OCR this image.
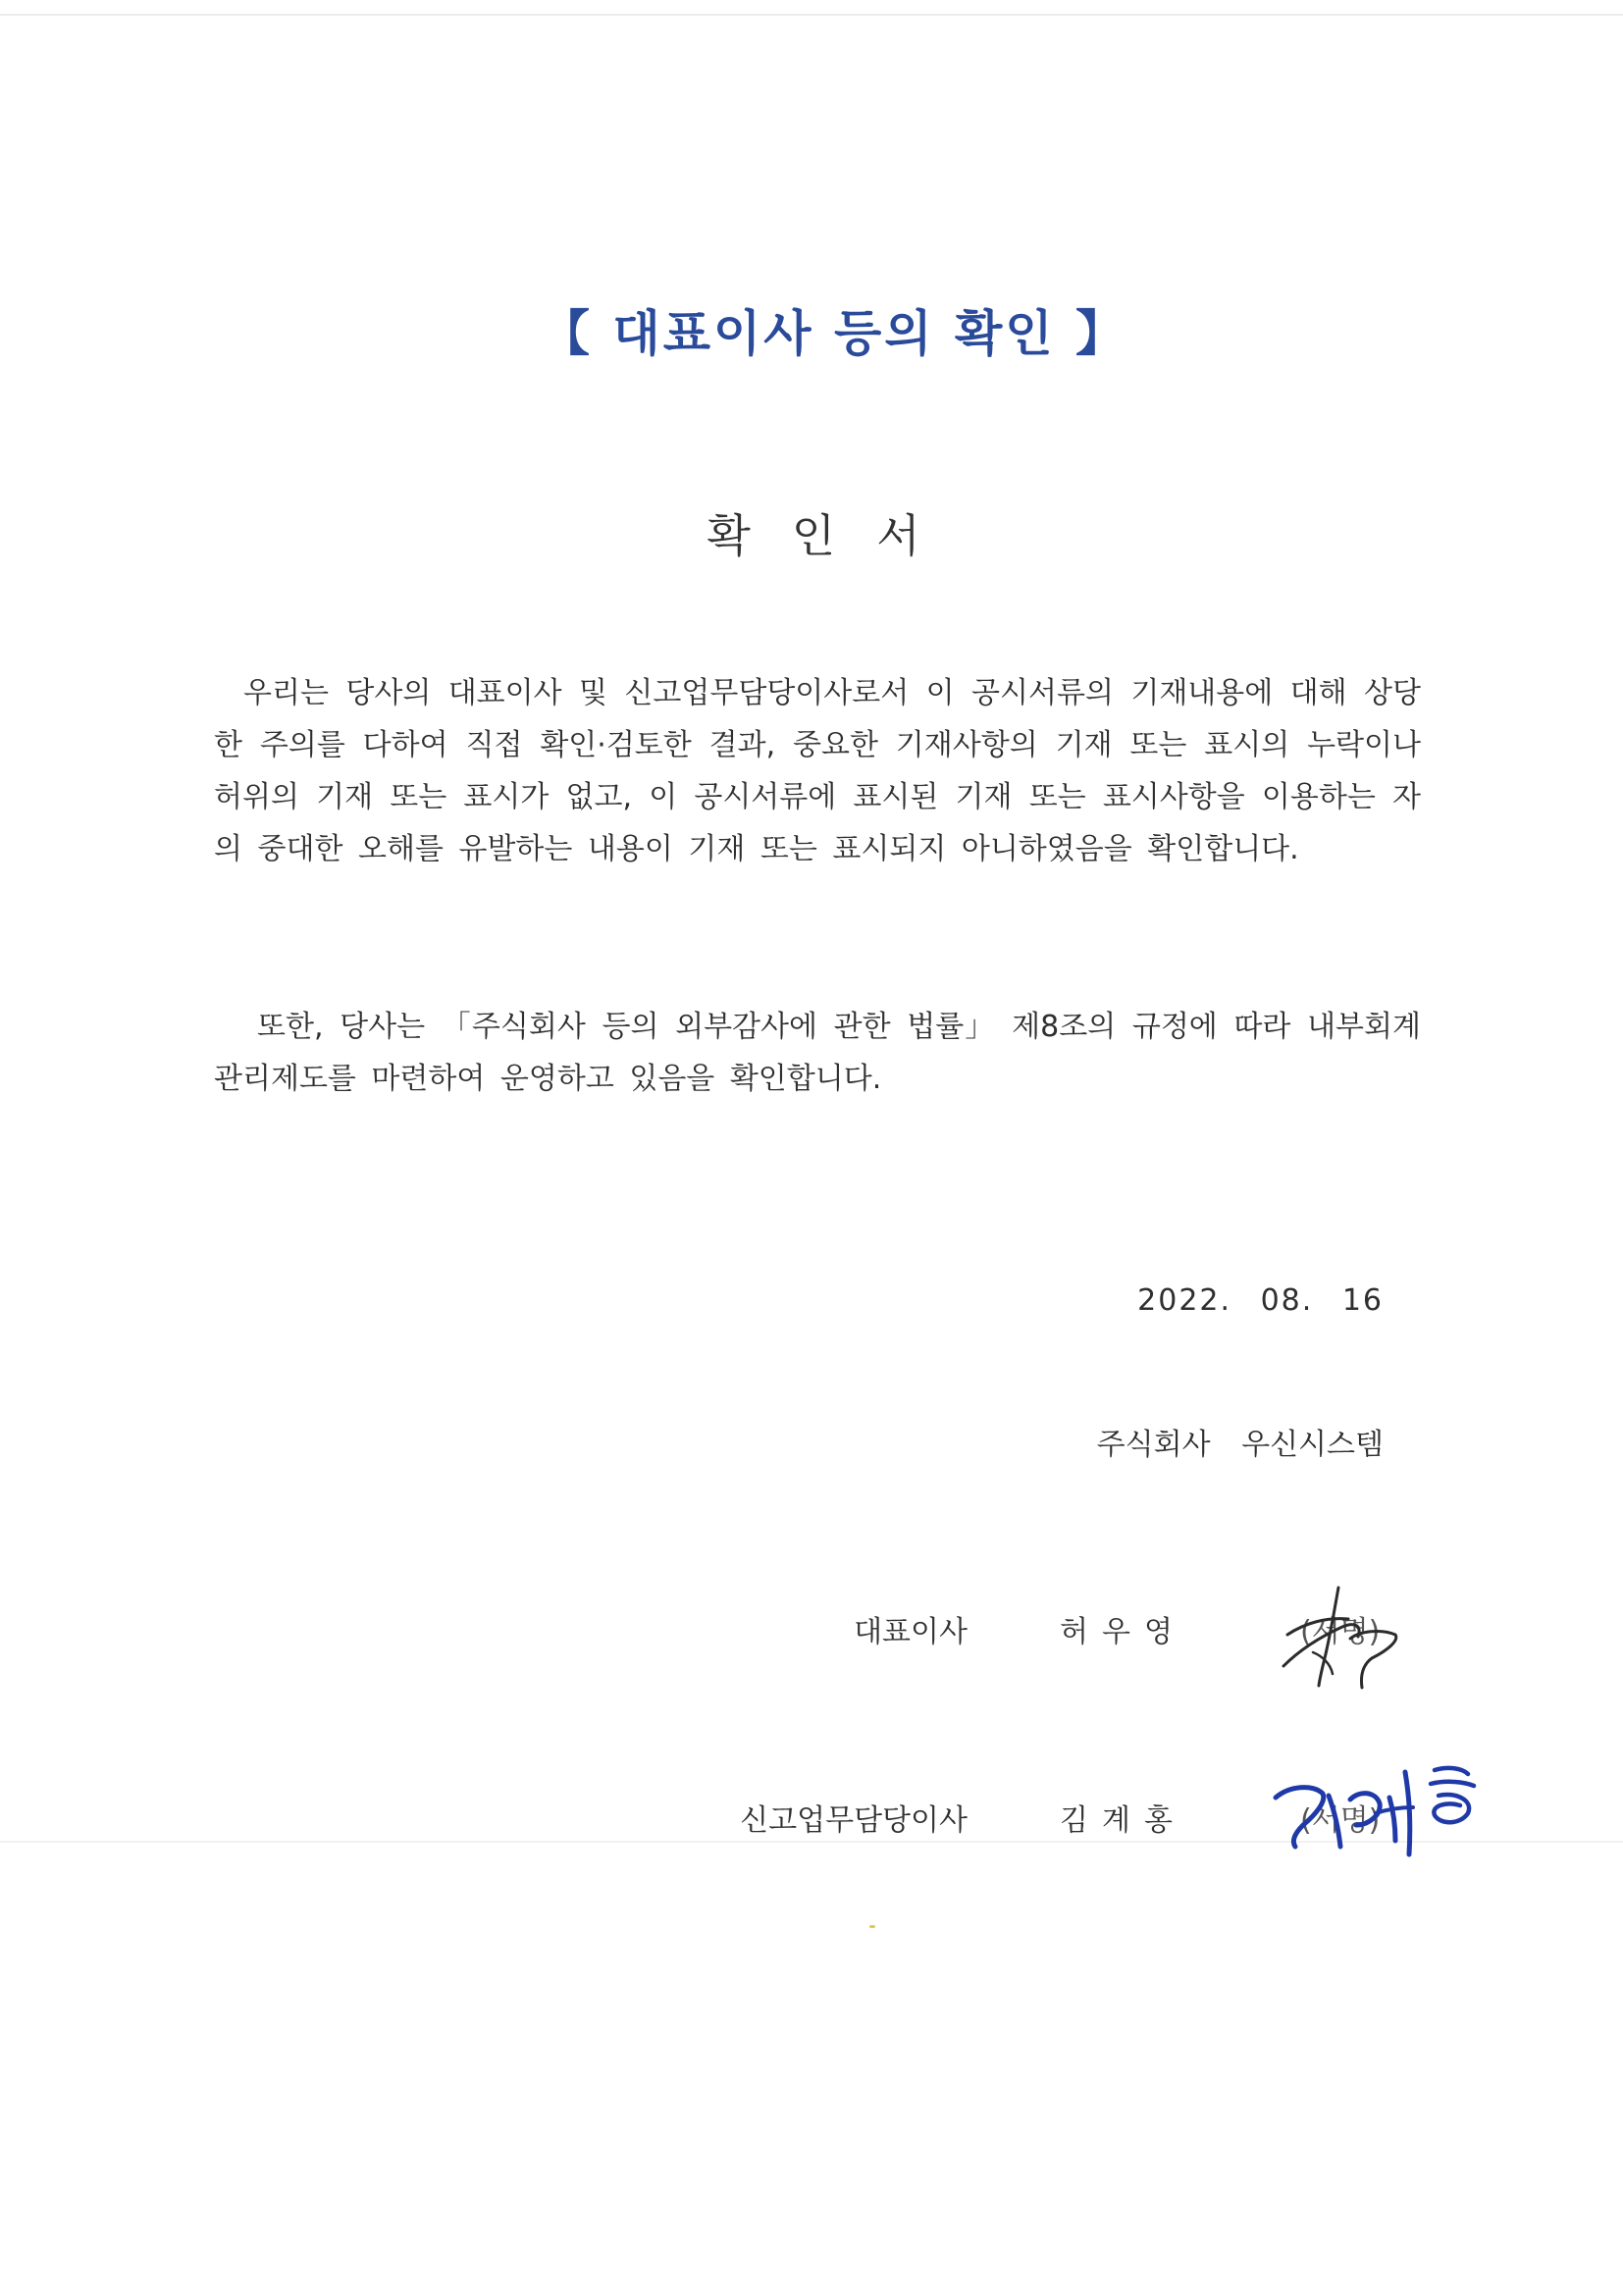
【 대표이사 등의 확인 】
확인서

우리는 당사의 대표이사 및 신고업무담당이사로서 이 공시서류의 기재내용에 대해 상당한 주의를 다하여 직접 확인·검토한 결과, 중요한 기재사항의 기재 또는 표시의 누락이나 허위의 기재 또는 표시가 없고, 이 공시서류에 표시된 기재 또는 표시사항을 이용하는 자의 중대한 오해를 유발하는 내용이 기재 또는 표시되지 아니하였음을 확인합니다.

또한, 당사는 「주식회사 등의 외부감사에 관한 법률」 제8조의 규정에 따라 내부회계관리제도를 마련하여 운영하고 있음을 확인합니다.

2022. 08. 16
주식회사 우신시스템
대표이사	허우영	(서명)
신고업무담당이사	김계홍	(서명)
